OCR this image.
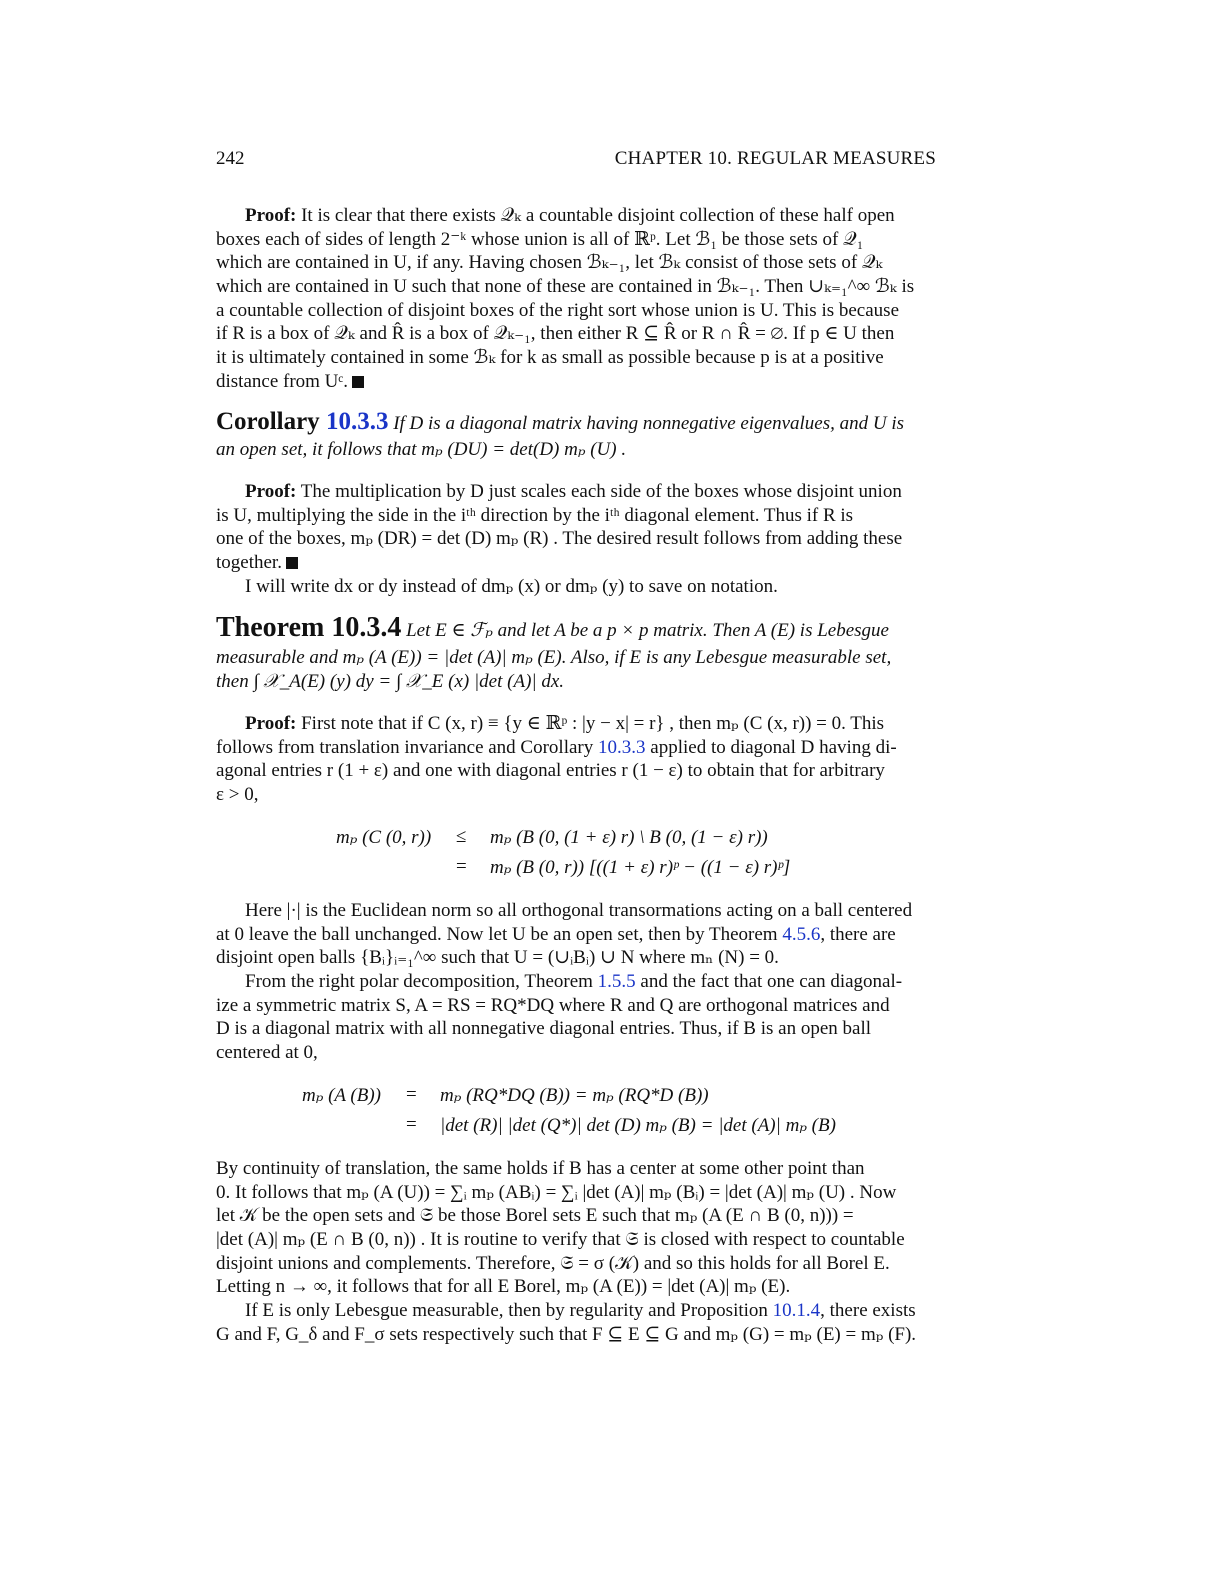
242	CHAPTER 10. REGULAR MEASURES
Proof: It is clear that there exists 𝒬ₖ a countable disjoint collection of these half open
boxes each of sides of length 2⁻ᵏ whose union is all of ℝᵖ. Let ℬ₁ be those sets of 𝒬₁
which are contained in U, if any. Having chosen ℬₖ₋₁, let ℬₖ consist of those sets of 𝒬ₖ
which are contained in U such that none of these are contained in ℬₖ₋₁. Then ∪ₖ₌₁^∞ ℬₖ is
a countable collection of disjoint boxes of the right sort whose union is U. This is because
if R is a box of 𝒬ₖ and R̂ is a box of 𝒬ₖ₋₁, then either R ⊆ R̂ or R ∩ R̂ = ∅. If p ∈ U then
it is ultimately contained in some ℬₖ for k as small as possible because p is at a positive
distance from Uᶜ.
Corollary 10.3.3 If D is a diagonal matrix having nonnegative eigenvalues, and U is
an open set, it follows that mₚ (DU) = det(D) mₚ (U) .
Proof: The multiplication by D just scales each side of the boxes whose disjoint union
is U, multiplying the side in the iᵗʰ direction by the iᵗʰ diagonal element. Thus if R is
one of the boxes, mₚ (DR) = det (D) mₚ (R) . The desired result follows from adding these
together.
I will write dx or dy instead of dmₚ (x) or dmₚ (y) to save on notation.
Theorem 10.3.4 Let E ∈ ℱₚ and let A be a p × p matrix. Then A (E) is Lebesgue
measurable and mₚ (A (E)) = |det (A)| mₚ (E). Also, if E is any Lebesgue measurable set,
then ∫ 𝒳_A(E) (y) dy = ∫ 𝒳_E (x) |det (A)| dx.
Proof: First note that if C (x, r) ≡ {y ∈ ℝᵖ : |y − x| = r} , then mₚ (C (x, r)) = 0. This
follows from translation invariance and Corollary 10.3.3 applied to diagonal D having di-
agonal entries r (1 + ε) and one with diagonal entries r (1 − ε) to obtain that for arbitrary
ε > 0,
mₚ (C (0, r)) ≤ mₚ (B (0, (1 + ε) r) \ B (0, (1 − ε) r))
= mₚ (B (0, r)) [((1 + ε) r)ᵖ − ((1 − ε) r)ᵖ]
Here |·| is the Euclidean norm so all orthogonal transormations acting on a ball centered
at 0 leave the ball unchanged. Now let U be an open set, then by Theorem 4.5.6, there are
disjoint open balls {Bᵢ}ᵢ₌₁^∞ such that U = (∪ᵢBᵢ) ∪ N where mₙ (N) = 0.
From the right polar decomposition, Theorem 1.5.5 and the fact that one can diagonal-
ize a symmetric matrix S, A = RS = RQ*DQ where R and Q are orthogonal matrices and
D is a diagonal matrix with all nonnegative diagonal entries. Thus, if B is an open ball
centered at 0,
mₚ (A (B)) = mₚ (RQ*DQ (B)) = mₚ (RQ*D (B))
= |det (R)| |det (Q*)| det (D) mₚ (B) = |det (A)| mₚ (B)
By continuity of translation, the same holds if B has a center at some other point than
0. It follows that mₚ (A (U)) = ∑ᵢ mₚ (ABᵢ) = ∑ᵢ |det (A)| mₚ (Bᵢ) = |det (A)| mₚ (U) . Now
let 𝒦 be the open sets and 𝔖 be those Borel sets E such that mₚ (A (E ∩ B (0, n))) =
|det (A)| mₚ (E ∩ B (0, n)) . It is routine to verify that 𝔖 is closed with respect to countable
disjoint unions and complements. Therefore, 𝔖 = σ (𝒦) and so this holds for all Borel E.
Letting n → ∞, it follows that for all E Borel, mₚ (A (E)) = |det (A)| mₚ (E).
If E is only Lebesgue measurable, then by regularity and Proposition 10.1.4, there exists
G and F, G_δ and F_σ sets respectively such that F ⊆ E ⊆ G and mₚ (G) = mₚ (E) = mₚ (F).
